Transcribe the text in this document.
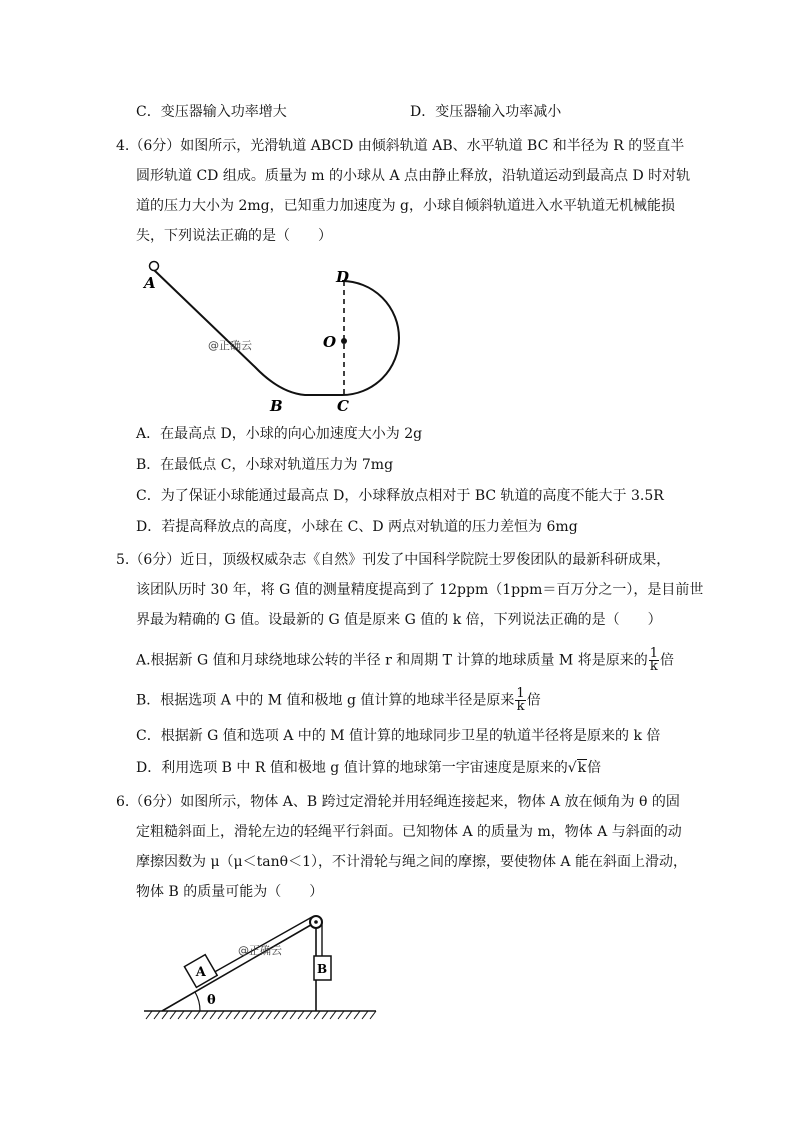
C．变压器输入功率增大	D．变压器输入功率减小
4.（6分）如图所示，光滑轨道 ABCD 由倾斜轨道 AB、水平轨道 BC 和半径为 R 的竖直半
圆形轨道 CD 组成。质量为 m 的小球从 A 点由静止释放，沿轨道运动到最高点 D 时对轨
道的压力大小为 2mg，已知重力加速度为 g，小球自倾斜轨道进入水平轨道无机械能损
失，下列说法正确的是（　　）
A	D
O
B	C
@正确云
A．在最高点 D，小球的向心加速度大小为 2g
B．在最低点 C，小球对轨道压力为 7mg
C．为了保证小球能通过最高点 D，小球释放点相对于 BC 轨道的高度不能大于 3.5R
D．若提高释放点的高度，小球在 C、D 两点对轨道的压力差恒为 6mg
5.（6分）近日，顶级权威杂志《自然》刊发了中国科学院院士罗俊团队的最新科研成果，
该团队历时 30 年，将 G 值的测量精度提高到了 12ppm（1ppm＝百万分之一），是目前世
界最为精确的 G 值。设最新的 G 值是原来 G 值的 k 倍，下列说法正确的是（　　）
A.根据新 G 值和月球绕地球公转的半径 r 和周期 T 计算的地球质量 M 将是原来的 $\frac{1}{k}$ 倍
B．根据选项 A 中的 M 值和极地 g 值计算的地球半径是原来 $\frac{1}{k}$ 倍
C．根据新 G 值和选项 A 中的 M 值计算的地球同步卫星的轨道半径将是原来的 k 倍
D．利用选项 B 中 R 值和极地 g 值计算的地球第一宇宙速度是原来的√k倍
6.（6分）如图所示，物体 A、B 跨过定滑轮并用轻绳连接起来，物体 A 放在倾角为 θ 的固
定粗糙斜面上，滑轮左边的轻绳平行斜面。已知物体 A 的质量为 m，物体 A 与斜面的动
摩擦因数为 μ（μ＜tanθ＜1），不计滑轮与绳之间的摩擦，要使物体 A 能在斜面上滑动，
物体 B 的质量可能为（　　）
B
A
θ
@正确云
